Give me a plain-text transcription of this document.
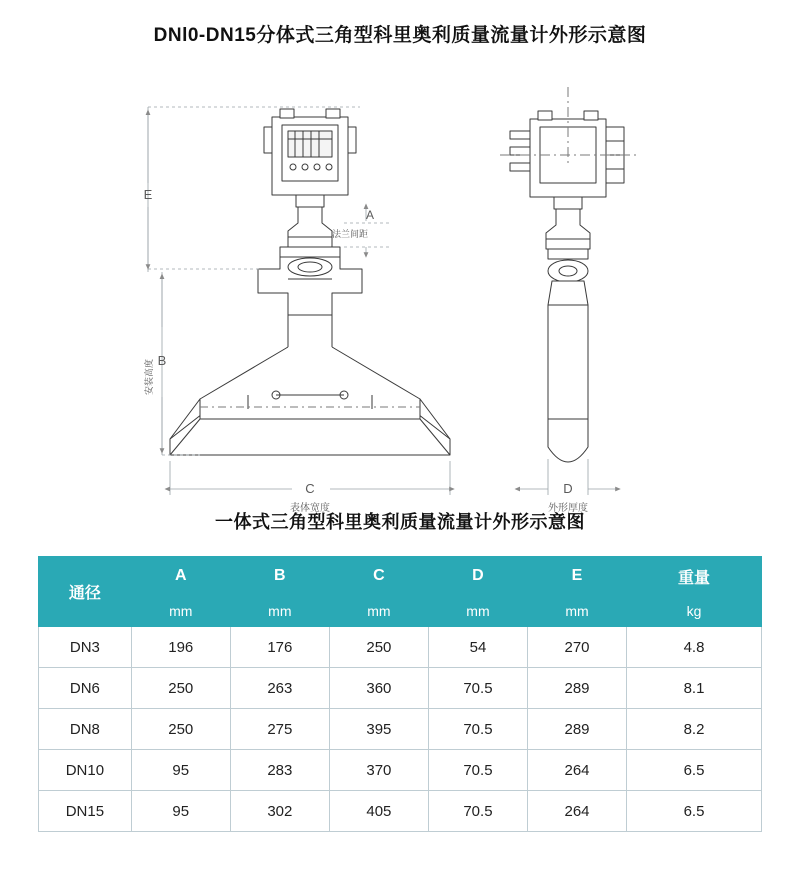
DNl0-DN15分体式三角型科里奥利质量流量计外形示意图
E
B
安装高度
C
表体宽度
A
法兰间距
D
外形厚度
一体式三角型科里奥利质量流量计外形示意图
通径	A	B	C	D	E	重量
	mm	mm	mm	mm	mm	kg
DN3	196	176	250	54	270	4.8
DN6	250	263	360	70.5	289	8.1
DN8	250	275	395	70.5	289	8.2
DN10	95	283	370	70.5	264	6.5
DN15	95	302	405	70.5	264	6.5
